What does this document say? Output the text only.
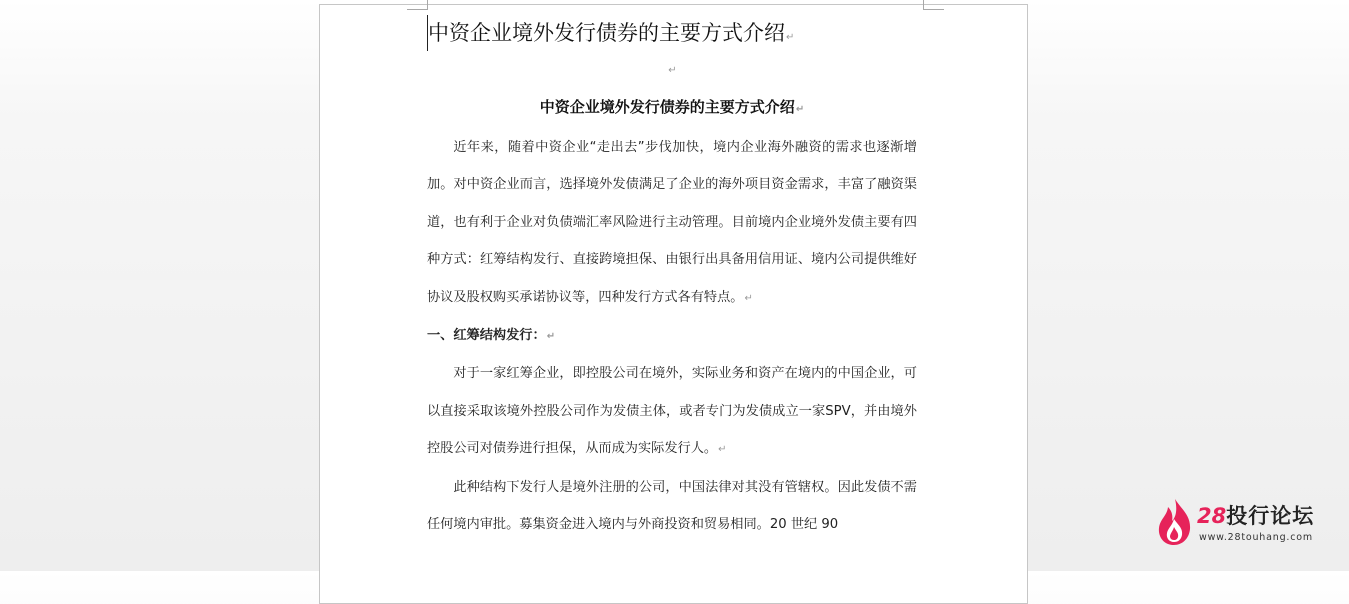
中资企业境外发行债券的主要方式介绍↵
↵
中资企业境外发行债券的主要方式介绍↵

近年来，随着中资企业“走出去”步伐加快，境内企业海外融资的需求也逐渐增加。对中资企业而言，选择境外发债满足了企业的海外项目资金需求，丰富了融资渠道，也有利于企业对负债端汇率风险进行主动管理。目前境内企业境外发债主要有四种方式：红筹结构发行、直接跨境担保、由银行出具备用信用证、境内公司提供维好协议及股权购买承诺协议等，四种发行方式各有特点。↵

一、红筹结构发行：↵

对于一家红筹企业，即控股公司在境外，实际业务和资产在境内的中国企业，可以直接采取该境外控股公司作为发债主体，或者专门为发债成立一家SPV，并由境外控股公司对债券进行担保，从而成为实际发行人。↵

此种结构下发行人是境外注册的公司，中国法律对其没有管辖权。因此发债不需任何境内审批。募集资金进入境内与外商投资和贸易相同。20 世纪 90	28投行论坛
www.28touhang.com
